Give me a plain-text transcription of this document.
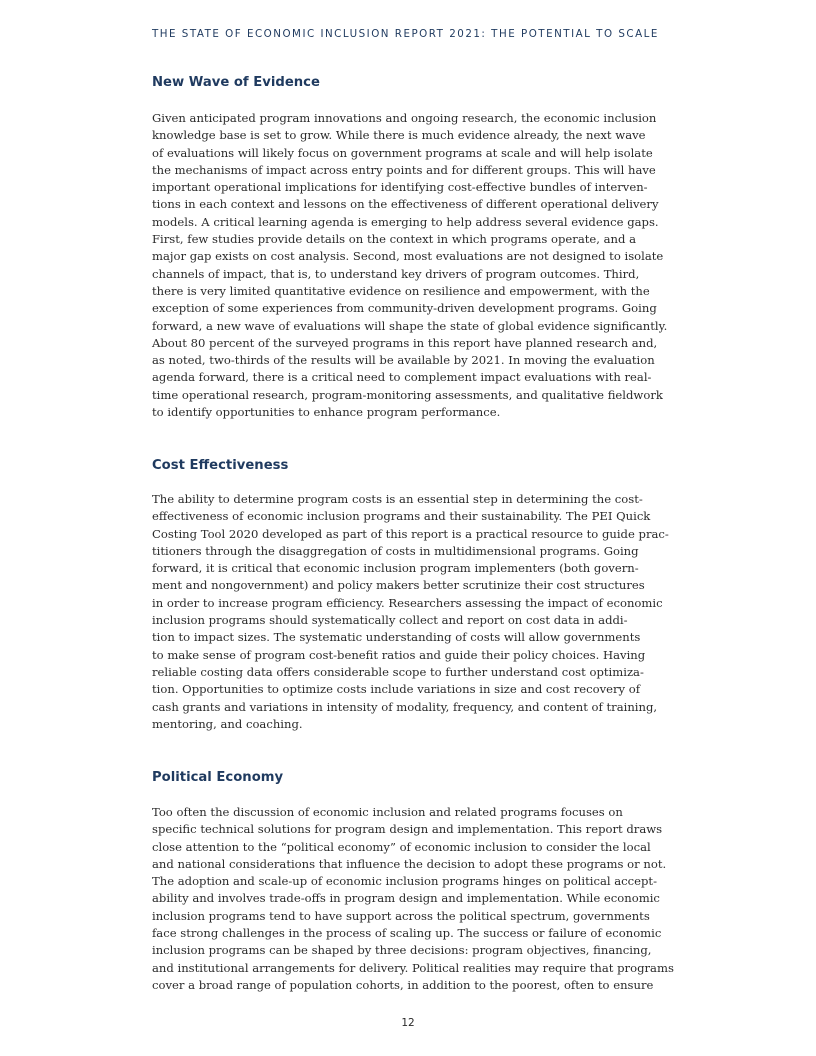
THE STATE OF ECONOMIC INCLUSION REPORT 2021: THE POTENTIAL TO SCALE
New Wave of Evidence
Given anticipated program innovations and ongoing research, the economic inclusion
knowledge base is set to grow. While there is much evidence already, the next wave
of evaluations will likely focus on government programs at scale and will help isolate
the mechanisms of impact across entry points and for different groups. This will have
important operational implications for identifying cost-effective bundles of interven-
tions in each context and lessons on the effectiveness of different operational delivery
models. A critical learning agenda is emerging to help address several evidence gaps.
First, few studies provide details on the context in which programs operate, and a
major gap exists on cost analysis. Second, most evaluations are not designed to isolate
channels of impact, that is, to understand key drivers of program outcomes. Third,
there is very limited quantitative evidence on resilience and empowerment, with the
exception of some experiences from community-driven development programs. Going
forward, a new wave of evaluations will shape the state of global evidence significantly.
About 80 percent of the surveyed programs in this report have planned research and,
as noted, two-thirds of the results will be available by 2021. In moving the evaluation
agenda forward, there is a critical need to complement impact evaluations with real-
time operational research, program-monitoring assessments, and qualitative fieldwork
to identify opportunities to enhance program performance.
Cost Effectiveness
The ability to determine program costs is an essential step in determining the cost-
effectiveness of economic inclusion programs and their sustainability. The PEI Quick
Costing Tool 2020 developed as part of this report is a practical resource to guide prac-
titioners through the disaggregation of costs in multidimensional programs. Going
forward, it is critical that economic inclusion program implementers (both govern-
ment and nongovernment) and policy makers better scrutinize their cost structures
in order to increase program efficiency. Researchers assessing the impact of economic
inclusion programs should systematically collect and report on cost data in addi-
tion to impact sizes. The systematic understanding of costs will allow governments
to make sense of program cost-benefit ratios and guide their policy choices. Having
reliable costing data offers considerable scope to further understand cost optimiza-
tion. Opportunities to optimize costs include variations in size and cost recovery of
cash grants and variations in intensity of modality, frequency, and content of training,
mentoring, and coaching.
Political Economy
Too often the discussion of economic inclusion and related programs focuses on
specific technical solutions for program design and implementation. This report draws
close attention to the “political economy” of economic inclusion to consider the local
and national considerations that influence the decision to adopt these programs or not.
The adoption and scale-up of economic inclusion programs hinges on political accept-
ability and involves trade-offs in program design and implementation. While economic
inclusion programs tend to have support across the political spectrum, governments
face strong challenges in the process of scaling up. The success or failure of economic
inclusion programs can be shaped by three decisions: program objectives, financing,
and institutional arrangements for delivery. Political realities may require that programs
cover a broad range of population cohorts, in addition to the poorest, often to ensure
12
